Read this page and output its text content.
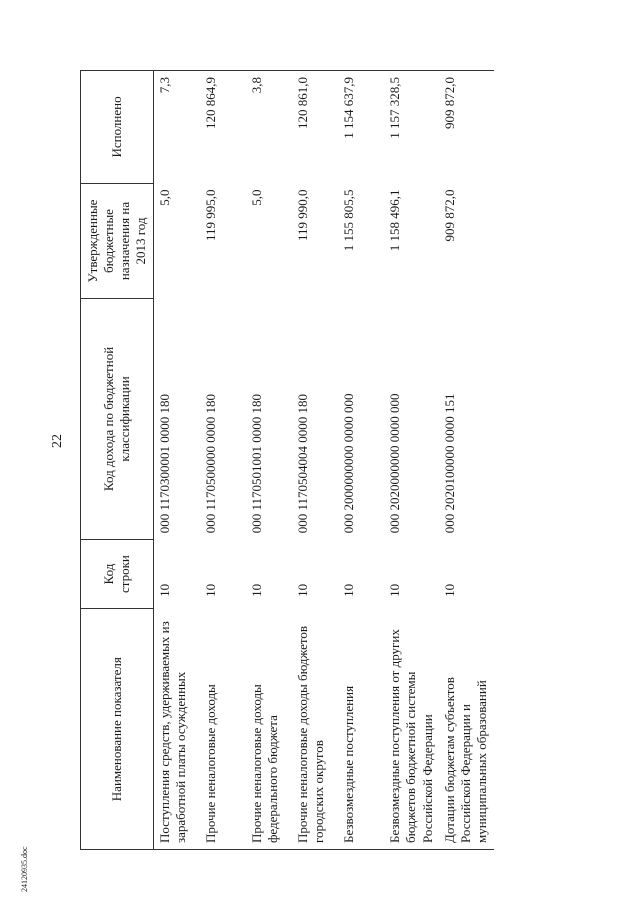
22
24120935.doc
Наименование показателя	Код строки	Код дохода по бюджетной классификации	Утвержденные бюджетные назначения на 2013 год	Исполнено
Поступления средств, удерживаемых из заработной платы осужденных	10	000 1170300001 0000 180	5,0	7,3
Прочие неналоговые доходы	10	000 1170500000 0000 180	119 995,0	120 864,9
Прочие неналоговые доходы федерального бюджета	10	000 1170501001 0000 180	5,0	3,8
Прочие неналоговые доходы бюджетов городских округов	10	000 1170504004 0000 180	119 990,0	120 861,0
Безвозмездные поступления	10	000 2000000000 0000 000	1 155 805,5	1 154 637,9
Безвозмездные поступления от других бюджетов бюджетной системы Российской Федерации	10	000 2020000000 0000 000	1 158 496,1	1 157 328,5
Дотации бюджетам субъектов Российской Федерации и муниципальных образований	10	000 2020100000 0000 151	909 872,0	909 872,0
